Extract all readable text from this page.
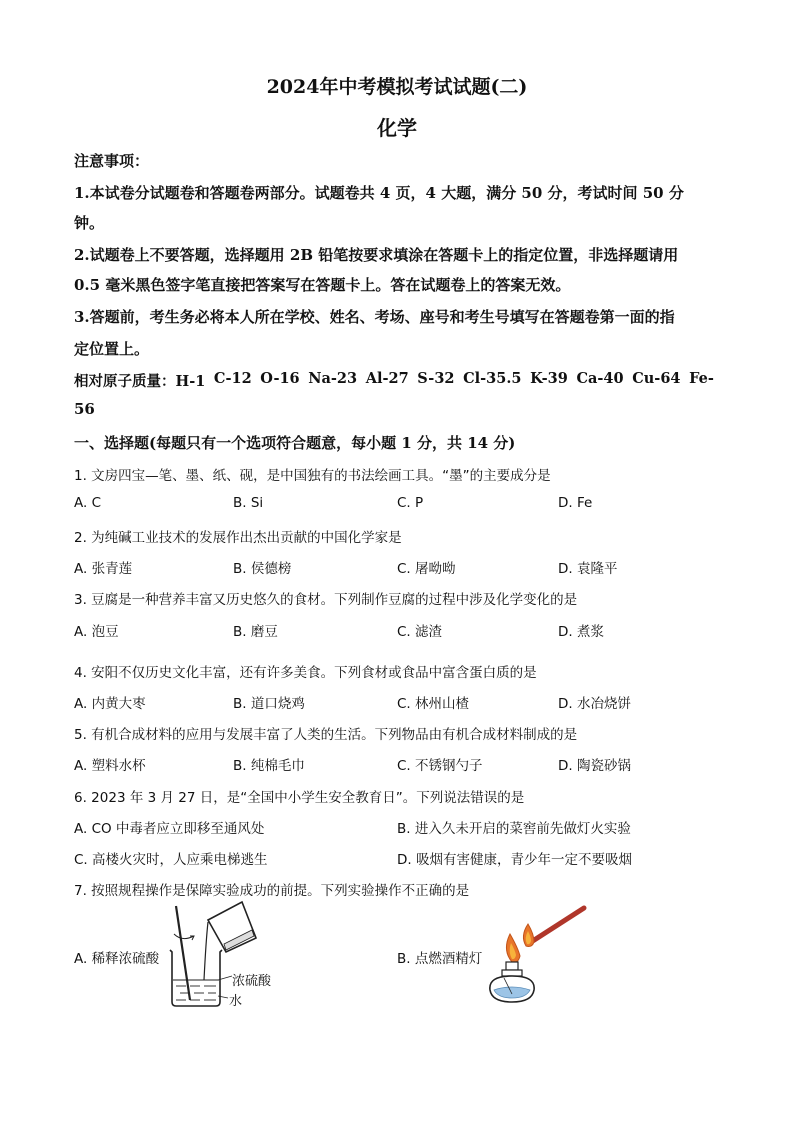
2024年中考模拟考试试题(二)
化学
注意事项：
1.本试卷分试题卷和答题卷两部分。试题卷共 4 页，4 大题，满分 50 分，考试时间 50 分
钟。
2.试题卷上不要答题，选择题用 2B 铅笔按要求填涂在答题卡上的指定位置，非选择题请用
0.5 毫米黑色签字笔直接把答案写在答题卡上。答在试题卷上的答案无效。
3.答题前，考生务必将本人所在学校、姓名、考场、座号和考生号填写在答题卷第一面的指
定位置上。
相对原子质量：H-1 C-12 O-16 Na-23 Al-27 S-32 Cl-35.5 K-39 Ca-40 Cu-64 Fe-
56
一、选择题(每题只有一个选项符合题意，每小题 1 分，共 14 分)
1. 文房四宝—笔、墨、纸、砚，是中国独有的书法绘画工具。“墨”的主要成分是
A. C	B. Si	C. P	D. Fe
2. 为纯碱工业技术的发展作出杰出贡献的中国化学家是
A. 张青莲	B. 侯德榜	C. 屠呦呦	D. 袁隆平
3. 豆腐是一种营养丰富又历史悠久的食材。下列制作豆腐的过程中涉及化学变化的是
A. 泡豆	B. 磨豆	C. 滤渣	D. 煮浆
4. 安阳不仅历史文化丰富，还有许多美食。下列食材或食品中富含蛋白质的是
A. 内黄大枣	B. 道口烧鸡	C. 林州山楂	D. 水冶烧饼
5. 有机合成材料的应用与发展丰富了人类的生活。下列物品由有机合成材料制成的是
A. 塑料水杯	B. 纯棉毛巾	C. 不锈钢勺子	D. 陶瓷砂锅
6. 2023 年 3 月 27 日，是“全国中小学生安全教育日”。下列说法错误的是
A. CO 中毒者应立即移至通风处	B. 进入久未开启的菜窖前先做灯火实验
C. 高楼火灾时，人应乘电梯逃生	D. 吸烟有害健康，青少年一定不要吸烟
7. 按照规程操作是保障实验成功的前提。下列实验操作不正确的是
A. 稀释浓硫酸	B. 点燃酒精灯
浓硫酸
水
